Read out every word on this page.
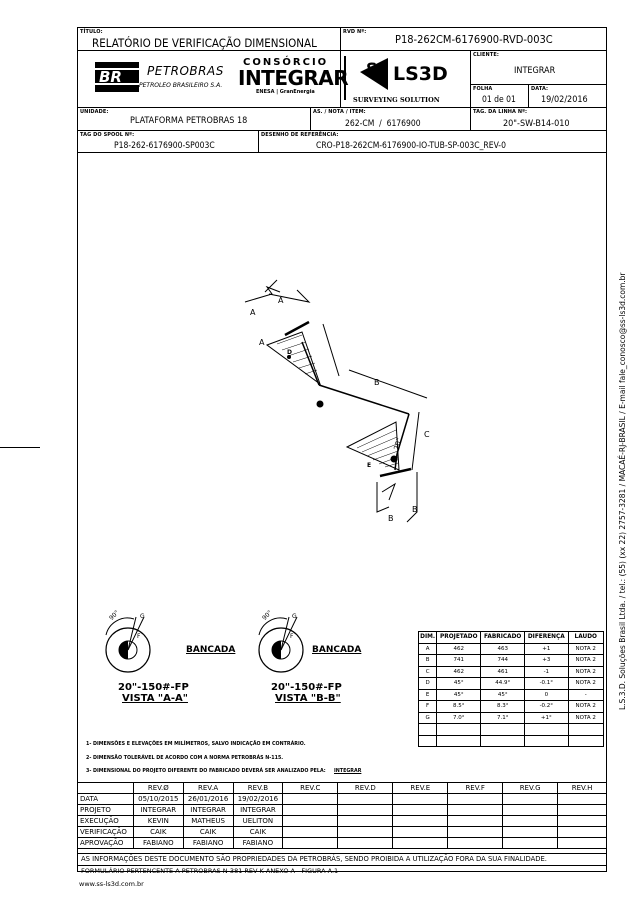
TÍTULO:
RELATÓRIO DE VERIFICAÇÃO DIMENSIONAL
RVD Nº:
P18-262CM-6176900-RVD-003C
CLIENTE:
INTEGRAR
FOLHA
01 de 01
DATA:
19/02/2016
UNIDADE:
PLATAFORMA PETROBRAS 18
AS. / NOTA / ITEM:
262-CM  /  6176900
TAG. DA LINHA Nº:
20"-SW-B14-010
TAG DO SPOOL Nº:
P18-262-6176900-SP003C
DESENHO DE REFERÊNCIA:
CRO-P18-262CM-6176900-IO-TUB-SP-003C_REV-0
BR PETROBRAS
PETROLEO BRASILEIRO S.A.
CONSÓRCIO
INTEGRAR
ENESA | GranEnergia
S
S LS3D
SURVEYING SOLUTION
A
B
C
D
E
A
A
B
B
20"
90°	G
F
BANCADA
20"-150#-FP
VISTA "A-A"
90°	G
F
BANCADA
20"-150#-FP
VISTA "B-B"
1- DIMENSÕES E ELEVAÇÕES EM MILÍMETROS, SALVO INDICAÇÃO EM CONTRÁRIO.
2- DIMENSÃO TOLERÁVEL DE ACORDO COM A NORMA PETROBRÁS N-115.
3- DIMENSIONAL DO PROJETO DIFERENTE DO FABRICADO DEVERÁ SER ANALIZADO PELA: INTEGRAR
DIM.	PROJETADO	FABRICADO	DIFERENÇA	LAUDO
A	462	463	+1	NOTA 2
B	741	744	+3	NOTA 2
C	462	461	-1	NOTA 2
D	45°	44.9°	-0.1°	NOTA 2
E	45°	45°	0	-
F	8.5°	8.3°	-0.2°	NOTA 2
G	7.0°	7.1°	+1°	NOTA 2

	REV.Ø	REV.A	REV.B	REV.C	REV.D	REV.E	REV.F	REV.G	REV.H
DATA	05/10/2015	26/01/2016	19/02/2016						
PROJETO	INTEGRAR	INTEGRAR	INTEGRAR						
EXECUÇÃO	KEVIN	MATHEUS	UELITON						
VERIFICAÇÃO	CAIK	CAIK	CAIK						
APROVAÇÃO	FABIANO	FABIANO	FABIANO						
AS INFORMAÇÕES DESTE DOCUMENTO SÃO PROPRIEDADES DA PETROBRÁS, SENDO PROIBIDA A UTILIZAÇÃO FORA DA SUA FINALIDADE.
FORMULÁRIO PERTENCENTE A PETROBRAS N-381 REV K ANEXO A - FIGURA A.1
www.ss-ls3d.com.br
L.S.3.D. Soluções Brasil Ltda. / tel.: (55) (xx 22) 2757-3281 / MACAÉ-RJ-BRASIL / E-mail fale_conosco@ss-ls3d.com.br
